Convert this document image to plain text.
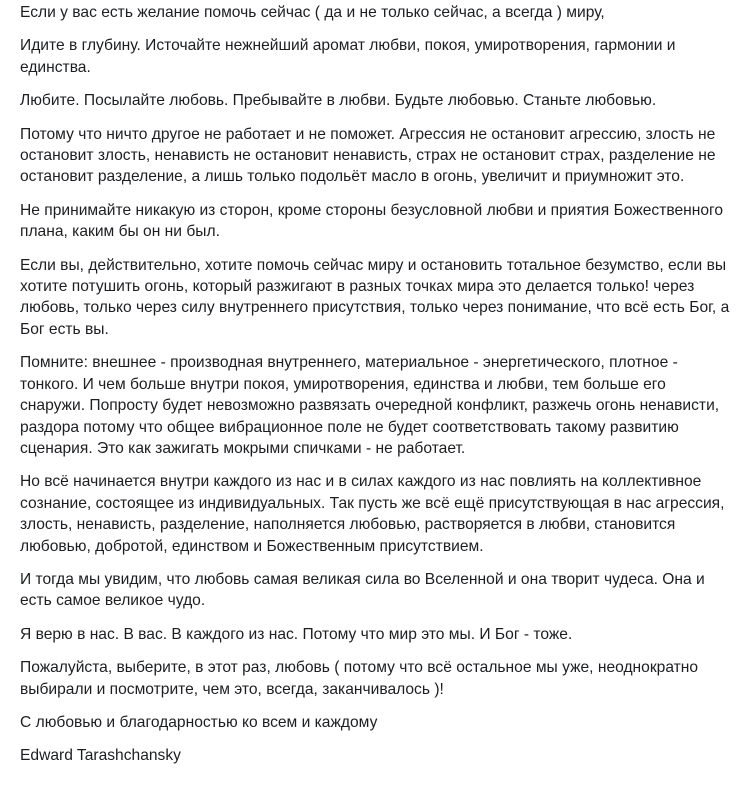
Если у вас есть желание помочь сейчас ( да и не только сейчас, а всегда ) миру,

Идите в глубину. Источайте нежнейший аромат любви, покоя, умиротворения, гармонии и единства.

Любите. Посылайте любовь. Пребывайте в любви. Будьте любовью. Станьте любовью.

Потому что ничто другое не работает и не поможет. Агрессия не остановит агрессию, злость не остановит злость, ненависть не остановит ненависть, страх не остановит страх, разделение не остановит разделение, а лишь только подольёт масло в огонь, увеличит и приумножит это.

Не принимайте никакую из сторон, кроме стороны безусловной любви и приятия Божественного плана, каким бы он ни был.

Если вы, действительно, хотите помочь сейчас миру и остановить тотальное безумство, если вы хотите потушить огонь, который разжигают в разных точках мира это делается только! через любовь, только через силу внутреннего присутствия, только через понимание, что всё есть Бог, а Бог есть вы.

Помните: внешнее - производная внутреннего, материальное - энергетического, плотное - тонкого. И чем больше внутри покоя, умиротворения, единства и любви, тем больше его снаружи. Попросту будет невозможно развязать очередной конфликт, разжечь огонь ненависти, раздора потому что общее вибрационное поле не будет соответствовать такому развитию сценария. Это как зажигать мокрыми спичками - не работает.

Но всё начинается внутри каждого из нас и в силах каждого из нас повлиять на коллективное сознание, состоящее из индивидуальных. Так пусть же всё ещё присутствующая в нас агрессия, злость, ненависть, разделение, наполняется любовью, растворяется в любви, становится любовью, добротой, единством и Божественным присутствием.

И тогда мы увидим, что любовь самая великая сила во Вселенной и она творит чудеса. Она и есть самое великое чудо.

Я верю в нас. В вас. В каждого из нас. Потому что мир это мы. И Бог - тоже.

Пожалуйста, выберите, в этот раз, любовь ( потому что всё остальное мы уже, неоднократно выбирали и посмотрите, чем это, всегда, заканчивалось )!

С любовью и благодарностью ко всем и каждому

Edward Tarashchansky
